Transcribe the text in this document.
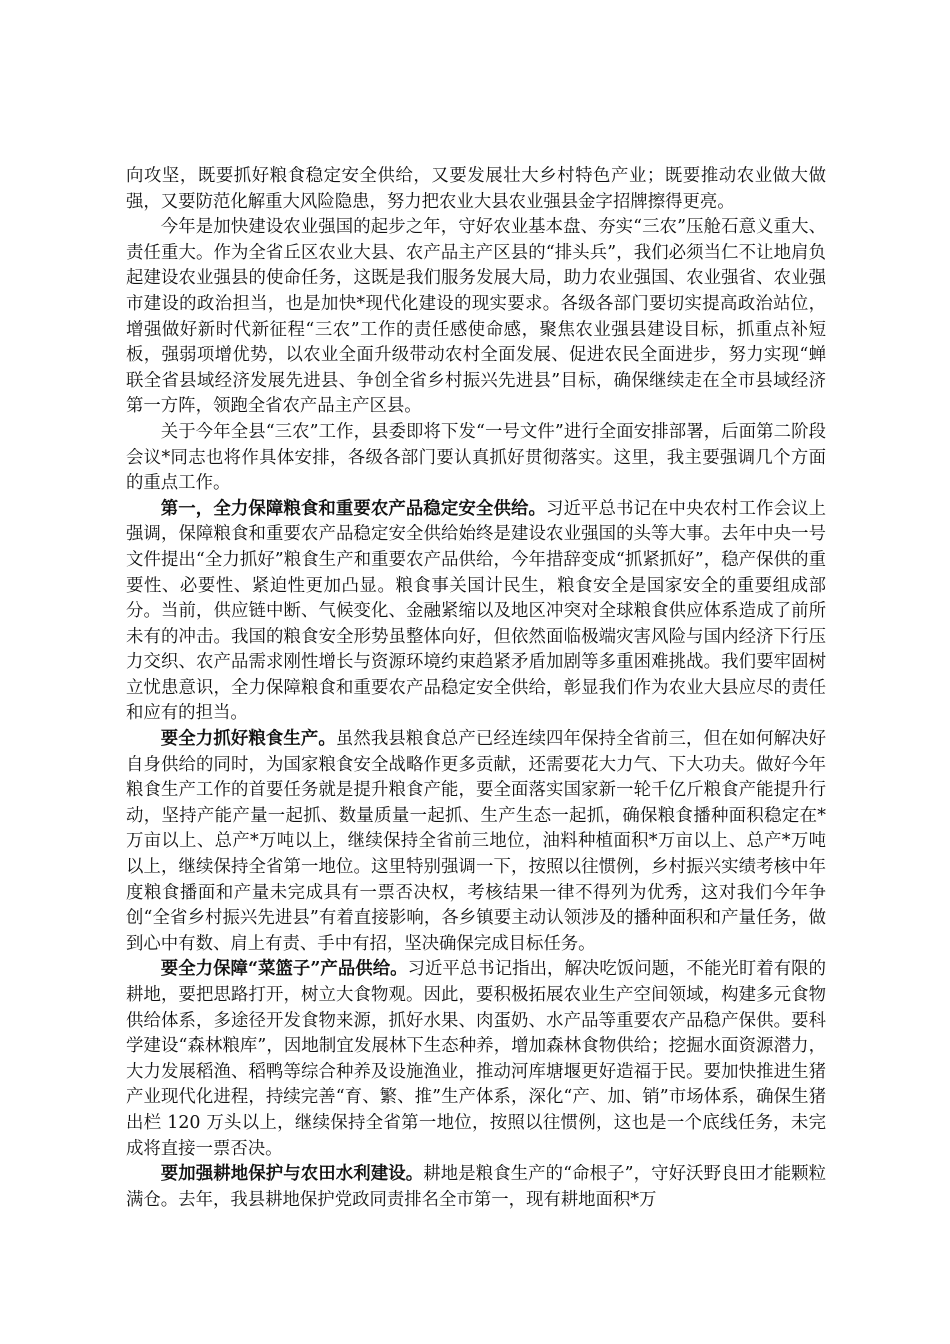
向攻坚，既要抓好粮食稳定安全供给，又要发展壮大乡村特色产业；既要推动农业做大做强，又要防范化解重大风险隐患，努力把农业大县农业强县金字招牌擦得更亮。

今年是加快建设农业强国的起步之年，守好农业基本盘、夯实“三农”压舱石意义重大、责任重大。作为全省丘区农业大县、农产品主产区县的“排头兵”，我们必须当仁不让地肩负起建设农业强县的使命任务，这既是我们服务发展大局，助力农业强国、农业强省、农业强市建设的政治担当，也是加快*现代化建设的现实要求。各级各部门要切实提高政治站位，增强做好新时代新征程“三农”工作的责任感使命感，聚焦农业强县建设目标，抓重点补短板，强弱项增优势，以农业全面升级带动农村全面发展、促进农民全面进步，努力实现“蝉联全省县域经济发展先进县、争创全省乡村振兴先进县”目标，确保继续走在全市县域经济第一方阵，领跑全省农产品主产区县。

关于今年全县“三农”工作，县委即将下发“一号文件”进行全面安排部署，后面第二阶段会议*同志也将作具体安排，各级各部门要认真抓好贯彻落实。这里，我主要强调几个方面的重点工作。

第一，全力保障粮食和重要农产品稳定安全供给。习近平总书记在中央农村工作会议上强调，保障粮食和重要农产品稳定安全供给始终是建设农业强国的头等大事。去年中央一号文件提出“全力抓好”粮食生产和重要农产品供给，今年措辞变成“抓紧抓好”，稳产保供的重要性、必要性、紧迫性更加凸显。粮食事关国计民生，粮食安全是国家安全的重要组成部分。当前，供应链中断、气候变化、金融紧缩以及地区冲突对全球粮食供应体系造成了前所未有的冲击。我国的粮食安全形势虽整体向好，但依然面临极端灾害风险与国内经济下行压力交织、农产品需求刚性增长与资源环境约束趋紧矛盾加剧等多重困难挑战。我们要牢固树立忧患意识，全力保障粮食和重要农产品稳定安全供给，彰显我们作为农业大县应尽的责任和应有的担当。

要全力抓好粮食生产。虽然我县粮食总产已经连续四年保持全省前三，但在如何解决好自身供给的同时，为国家粮食安全战略作更多贡献，还需要花大力气、下大功夫。做好今年粮食生产工作的首要任务就是提升粮食产能，要全面落实国家新一轮千亿斤粮食产能提升行动，坚持产能产量一起抓、数量质量一起抓、生产生态一起抓，确保粮食播种面积稳定在*万亩以上、总产*万吨以上，继续保持全省前三地位，油料种植面积*万亩以上、总产*万吨以上，继续保持全省第一地位。这里特别强调一下，按照以往惯例，乡村振兴实绩考核中年度粮食播面和产量未完成具有一票否决权，考核结果一律不得列为优秀，这对我们今年争创“全省乡村振兴先进县”有着直接影响，各乡镇要主动认领涉及的播种面积和产量任务，做到心中有数、肩上有责、手中有招，坚决确保完成目标任务。

要全力保障“菜篮子”产品供给。习近平总书记指出，解决吃饭问题，不能光盯着有限的耕地，要把思路打开，树立大食物观。因此，要积极拓展农业生产空间领域，构建多元食物供给体系，多途径开发食物来源，抓好水果、肉蛋奶、水产品等重要农产品稳产保供。要科学建设“森林粮库”，因地制宜发展林下生态种养，增加森林食物供给；挖掘水面资源潜力，大力发展稻渔、稻鸭等综合种养及设施渔业，推动河库塘堰更好造福于民。要加快推进生猪产业现代化进程，持续完善“育、繁、推”生产体系，深化“产、加、销”市场体系，确保生猪出栏 120 万头以上，继续保持全省第一地位，按照以往惯例，这也是一个底线任务，未完成将直接一票否决。

要加强耕地保护与农田水利建设。耕地是粮食生产的“命根子”，守好沃野良田才能颗粒满仓。去年，我县耕地保护党政同责排名全市第一，现有耕地面积*万
